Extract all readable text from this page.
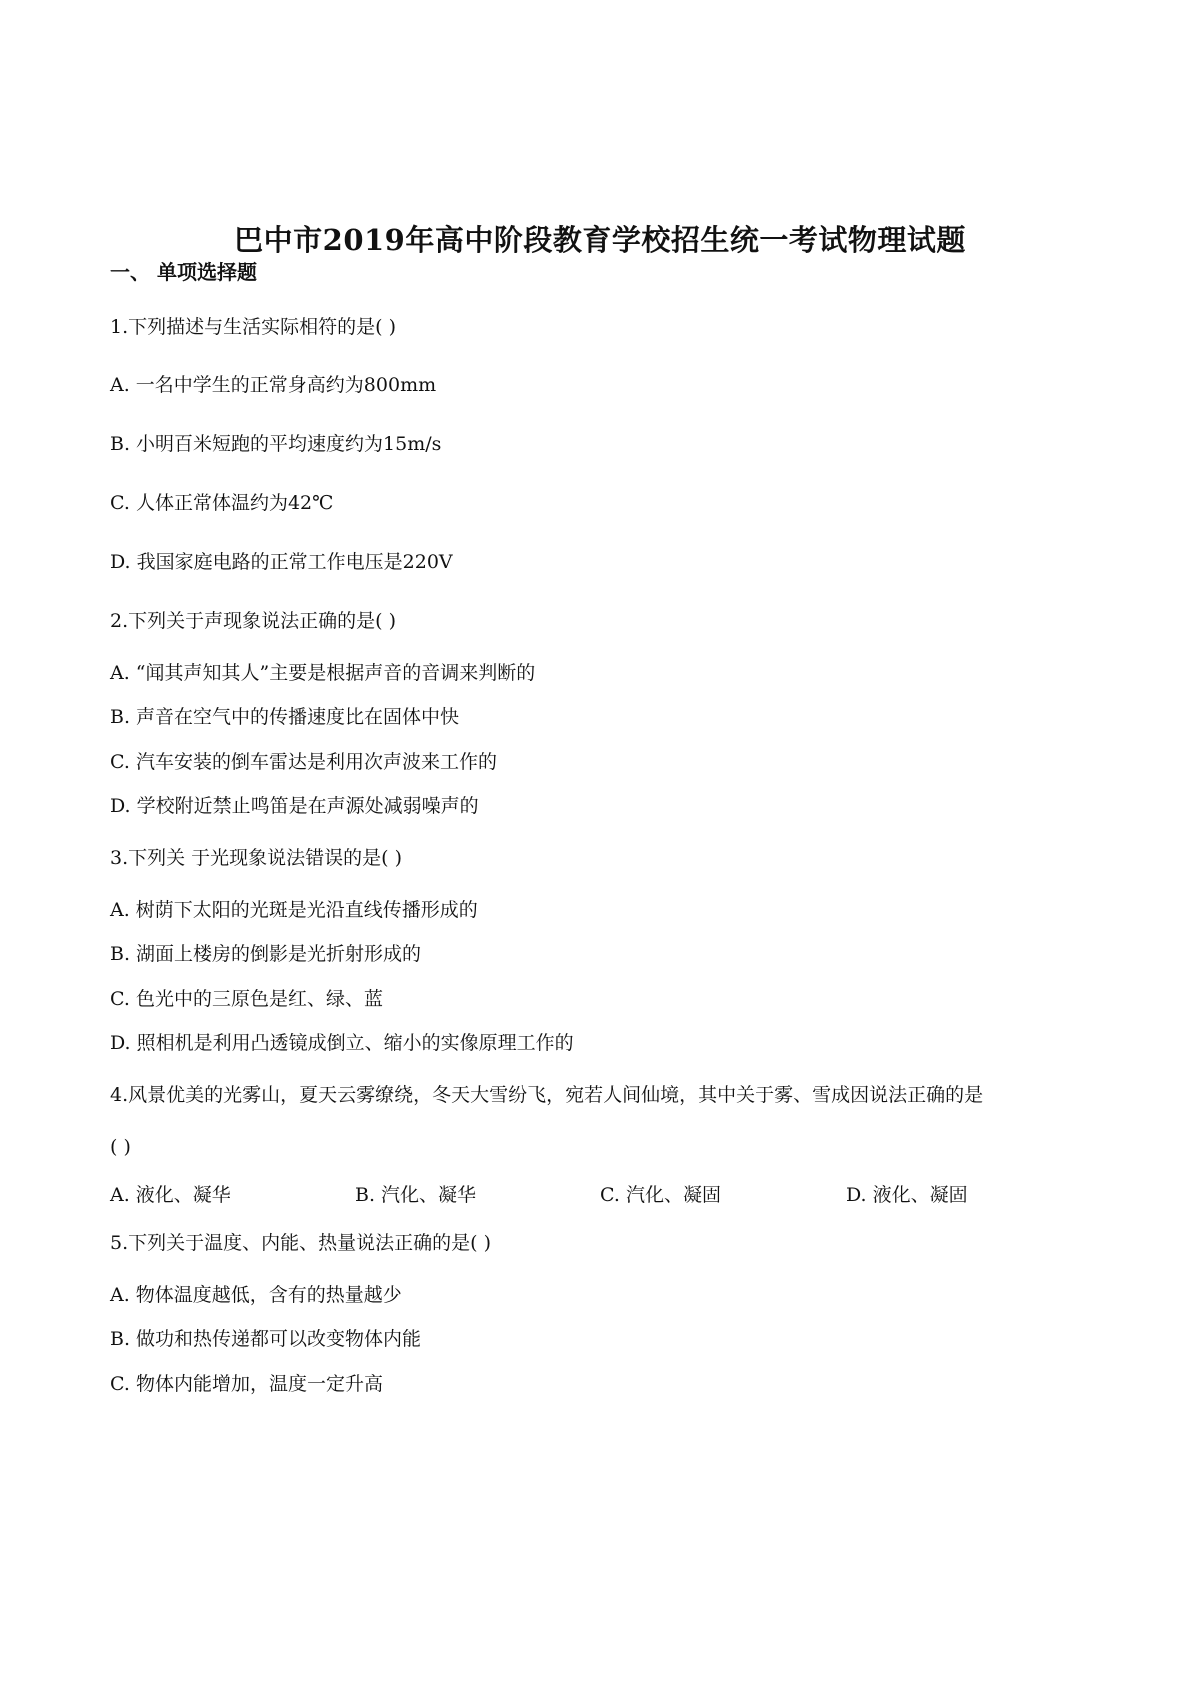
巴中市2019年高中阶段教育学校招生统一考试物理试题
一、 单项选择题
1.下列描述与生活实际相符的是( )
A. 一名中学生的正常身高约为800mm
B. 小明百米短跑的平均速度约为15m/s
C. 人体正常体温约为42℃
D. 我国家庭电路的正常工作电压是220V
2.下列关于声现象说法正确的是( )
A. “闻其声知其人”主要是根据声音的音调来判断的
B. 声音在空气中的传播速度比在固体中快
C. 汽车安装的倒车雷达是利用次声波来工作的
D. 学校附近禁止鸣笛是在声源处减弱噪声的
3.下列关 于光现象说法错误的是( )
A. 树荫下太阳的光斑是光沿直线传播形成的
B. 湖面上楼房的倒影是光折射形成的
C. 色光中的三原色是红、绿、蓝
D. 照相机是利用凸透镜成倒立、缩小的实像原理工作的
4.风景优美的光雾山，夏天云雾缭绕，冬天大雪纷飞，宛若人间仙境，其中关于雾、雪成因说法正确的是
( )
A. 液化、凝华	B. 汽化、凝华	C. 汽化、凝固	D. 液化、凝固
5.下列关于温度、内能、热量说法正确的是( )
A. 物体温度越低，含有的热量越少
B. 做功和热传递都可以改变物体内能
C. 物体内能增加，温度一定升高
